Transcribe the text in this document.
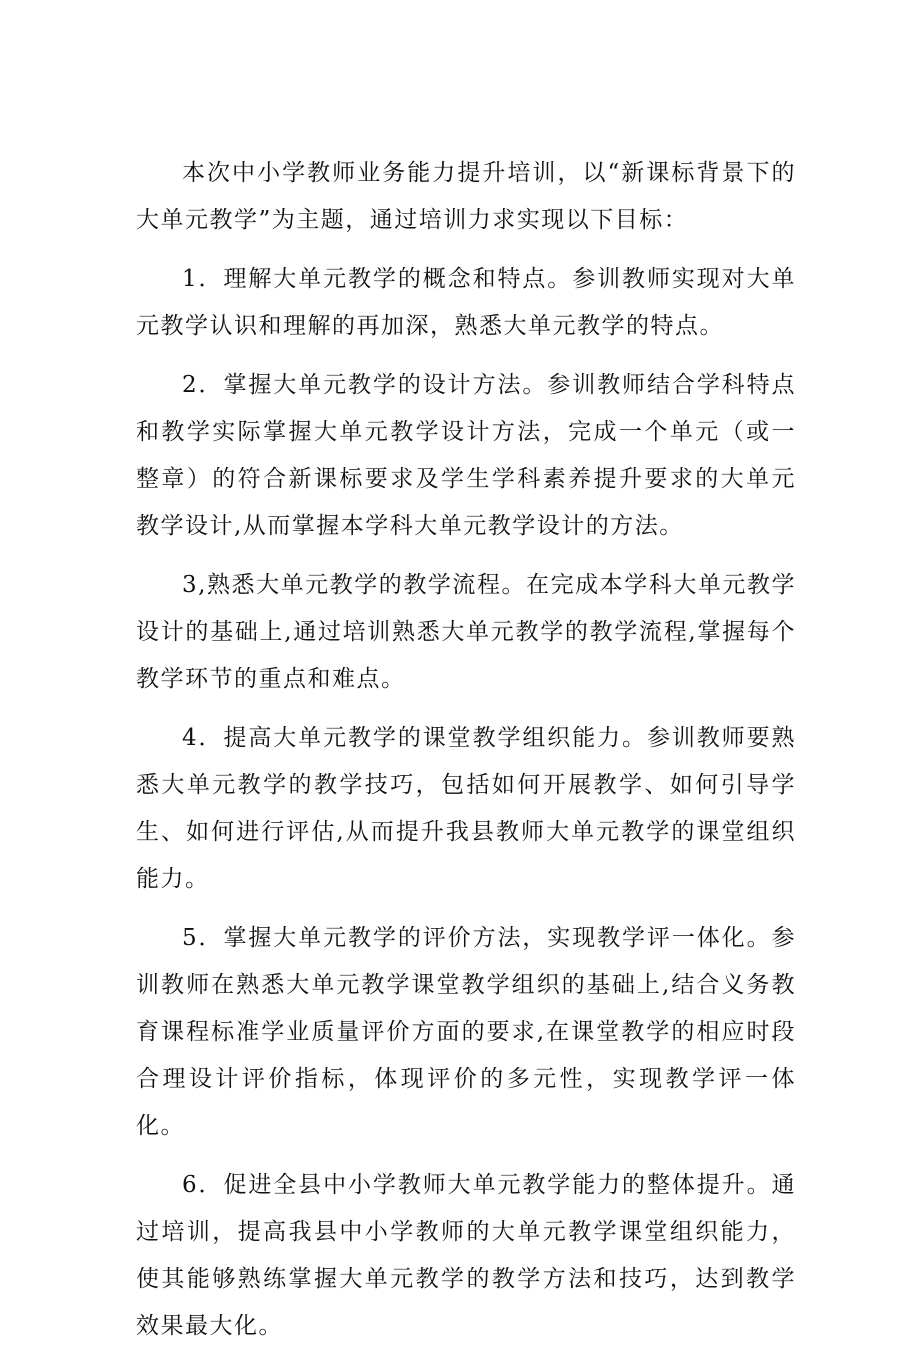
本次中小学教师业务能力提升培训，以“新课标背景下的大单元教学”为主题，通过培训力求实现以下目标：

1．理解大单元教学的概念和特点。参训教师实现对大单元教学认识和理解的再加深，熟悉大单元教学的特点。

2．掌握大单元教学的设计方法。参训教师结合学科特点和教学实际掌握大单元教学设计方法，完成一个单元（或一整章）的符合新课标要求及学生学科素养提升要求的大单元教学设计,从而掌握本学科大单元教学设计的方法。

3,熟悉大单元教学的教学流程。在完成本学科大单元教学设计的基础上,通过培训熟悉大单元教学的教学流程,掌握每个教学环节的重点和难点。

4．提高大单元教学的课堂教学组织能力。参训教师要熟悉大单元教学的教学技巧，包括如何开展教学、如何引导学生、如何进行评估,从而提升我县教师大单元教学的课堂组织能力。

5．掌握大单元教学的评价方法，实现教学评一体化。参训教师在熟悉大单元教学课堂教学组织的基础上,结合义务教育课程标准学业质量评价方面的要求,在课堂教学的相应时段合理设计评价指标，体现评价的多元性，实现教学评一体化。

6．促进全县中小学教师大单元教学能力的整体提升。通过培训，提高我县中小学教师的大单元教学课堂组织能力，使其能够熟练掌握大单元教学的教学方法和技巧，达到教学效果最大化。
